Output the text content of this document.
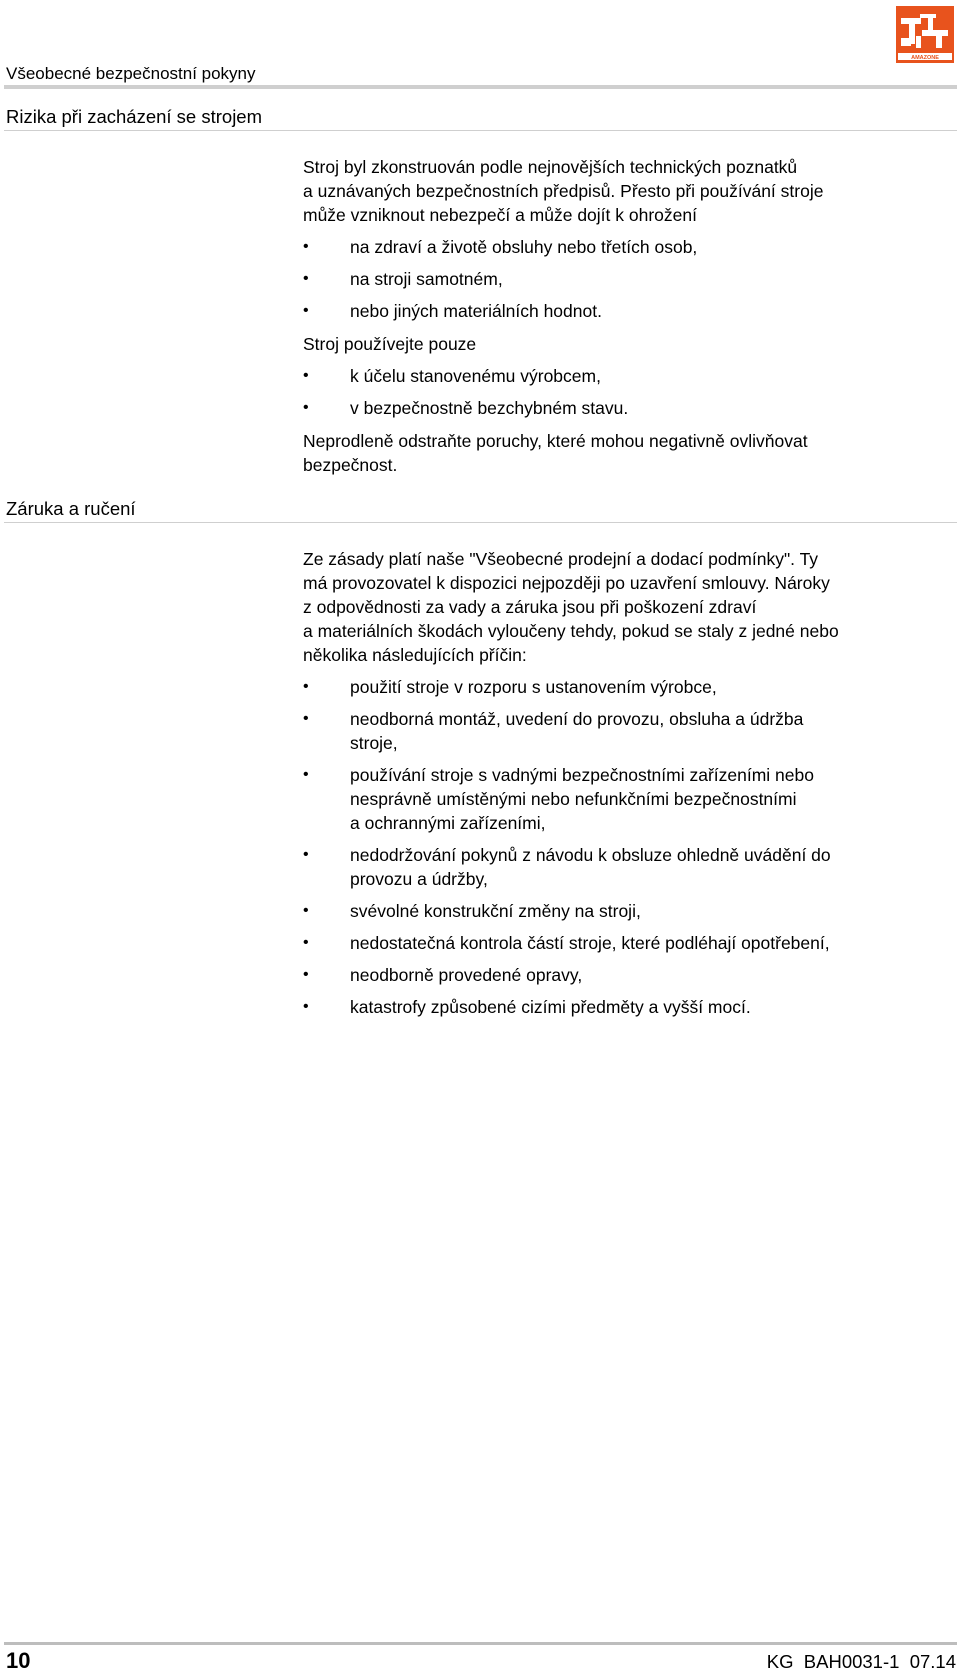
Všeobecné bezpečnostní pokyny
AMAZONE
Rizika při zacházení se strojem

Stroj byl zkonstruován podle nejnovějších technických poznatků

a uznávaných bezpečnostních předpisů. Přesto při používání stroje

může vzniknout nebezpečí a může dojít k ohrožení

• na zdraví a životě obsluhy nebo třetích osob,
• na stroji samotném,
• nebo jiných materiálních hodnot.

Stroj používejte pouze

• k účelu stanovenému výrobcem,
• v bezpečnostně bezchybném stavu.

Neprodleně odstraňte poruchy, které mohou negativně ovlivňovat

bezpečnost.

Záruka a ručení

Ze zásady platí naše "Všeobecné prodejní a dodací podmínky". Ty

má provozovatel k dispozici nejpozději po uzavření smlouvy. Nároky

z odpovědnosti za vady a záruka jsou při poškození zdraví

a materiálních škodách vyloučeny tehdy, pokud se staly z jedné nebo

několika následujících příčin:

• použití stroje v rozporu s ustanovením výrobce,
• neodborná montáž, uvedení do provozu, obsluha a údržba
stroje,
• používání stroje s vadnými bezpečnostními zařízeními nebo
nesprávně umístěnými nebo nefunkčními bezpečnostními
a ochrannými zařízeními,
• nedodržování pokynů z návodu k obsluze ohledně uvádění do
provozu a údržby,
• svévolné konstrukční změny na stroji,
• nedostatečná kontrola částí stroje, které podléhají opotřebení,
• neodborně provedené opravy,
• katastrofy způsobené cizími předměty a vyšší mocí.
10	KG  BAH0031-1  07.14
